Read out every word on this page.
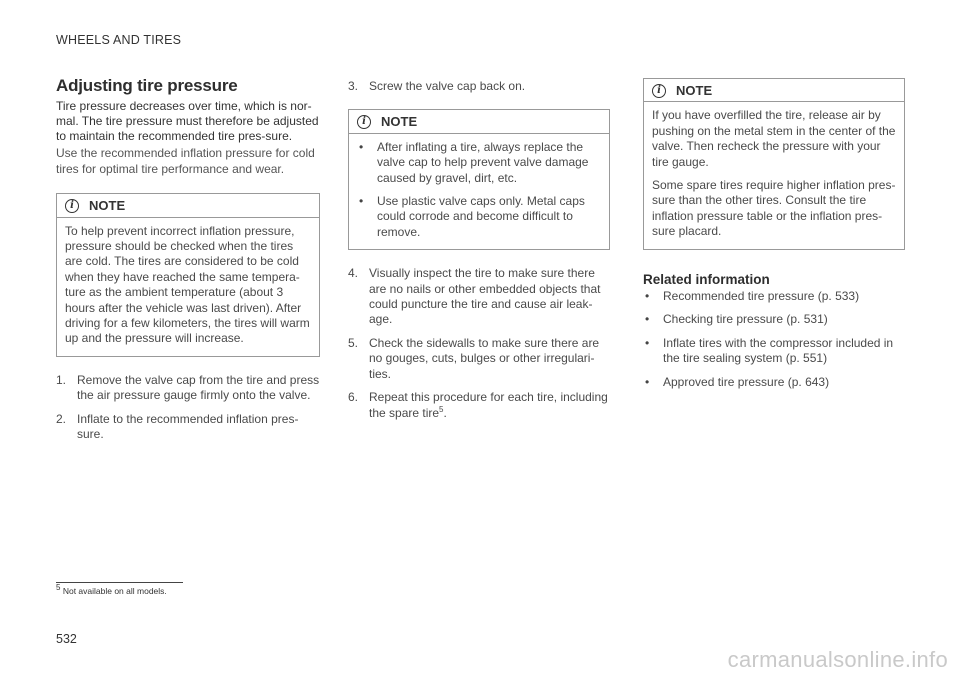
WHEELS AND TIRES
Adjusting tire pressure

Tire pressure decreases over time, which is nor-mal. The tire pressure must therefore be adjusted to maintain the recommended tire pres-sure.

Use the recommended inflation pressure for cold tires for optimal tire performance and wear.

i	NOTE

To help prevent incorrect inflation pressure, pressure should be checked when the tires are cold. The tires are considered to be cold when they have reached the same tempera-ture as the ambient temperature (about 3 hours after the vehicle was last driven). After driving for a few kilometers, the tires will warm up and the pressure will increase.

1. Remove the valve cap from the tire and press the air pressure gauge firmly onto the valve.
2. Inflate to the recommended inflation pres-sure.

3. Screw the valve cap back on.

i	NOTE
• After inflating a tire, always replace the valve cap to help prevent valve damage caused by gravel, dirt, etc.
• Use plastic valve caps only. Metal caps could corrode and become difficult to remove.
4. Visually inspect the tire to make sure there are no nails or other embedded objects that could puncture the tire and cause air leak-age.
5. Check the sidewalls to make sure there are no gouges, cuts, bulges or other irregulari-ties.
6. Repeat this procedure for each tire, including the spare tire$^5$.
i	NOTE

If you have overfilled the tire, release air by pushing on the metal stem in the center of the valve. Then recheck the pressure with your tire gauge.

Some spare tires require higher inflation pres-sure than the other tires. Consult the tire inflation pressure table or the inflation pres-sure placard.

Related information
• Recommended tire pressure (p. 533)
• Checking tire pressure (p. 531)
• Inflate tires with the compressor included in the tire sealing system (p. 551)
• Approved tire pressure (p. 643)
$^5$ Not available on all models.
532
carmanualsonline.info
